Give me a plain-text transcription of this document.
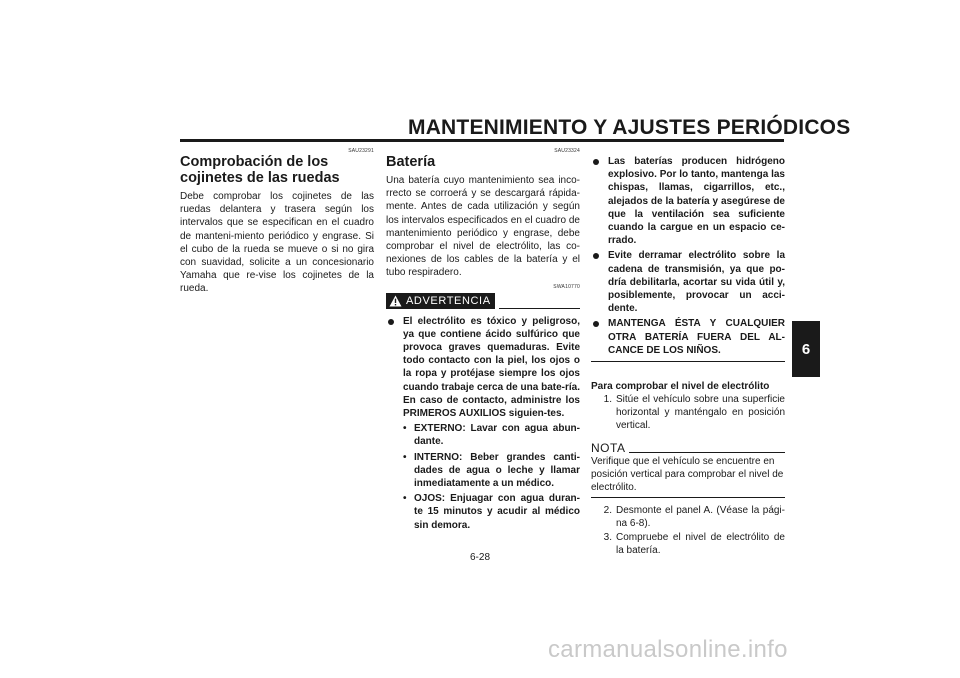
MANTENIMIENTO Y AJUSTES PERIÓDICOS
6
SAU23291
Comprobación de los cojinetes de las ruedas

Debe comprobar los cojinetes de las ruedas delantera y trasera según los intervalos que se especifican en el cuadro de manteni-miento periódico y engrase. Si el cubo de la rueda se mueve o si no gira con suavidad, solicite a un concesionario Yamaha que re-vise los cojinetes de la rueda.

SAU23324
Batería

Una batería cuyo mantenimiento sea inco-rrecto se corroerá y se descargará rápida-mente. Antes de cada utilización y según los intervalos especificados en el cuadro de mantenimiento periódico y engrase, debe comprobar el nivel de electrólito, las co-nexiones de los cables de la batería y el tubo respiradero.

SWA10770
ADVERTENCIA
El electrólito es tóxico y peligroso, ya que contiene ácido sulfúrico que provoca graves quemaduras. Evite todo contacto con la piel, los ojos o la ropa y protéjase siempre los ojos cuando trabaje cerca de una bate-ría. En caso de contacto, administre los PRIMEROS AUXILIOS siguien-tes.
• EXTERNO: Lavar con agua abun-dante.
• INTERNO: Beber grandes canti-dades de agua o leche y llamar inmediatamente a un médico.
• OJOS: Enjuagar con agua duran-te 15 minutos y acudir al médico sin demora.
Las baterías producen hidrógeno explosivo. Por lo tanto, mantenga las chispas, llamas, cigarrillos, etc., alejados de la batería y asegúrese de que la ventilación sea suficiente cuando la cargue en un espacio ce-rrado.
Evite derramar electrólito sobre la cadena de transmisión, ya que po-dría debilitarla, acortar su vida útil y, posiblemente, provocar un acci-dente.
MANTENGA ÉSTA Y CUALQUIER OTRA BATERÍA FUERA DEL AL-CANCE DE LOS NIÑOS.
Para comprobar el nivel de electrólito
1. Sitúe el vehículo sobre una superficie horizontal y manténgalo en posición vertical.
NOTA

Verifique que el vehículo se encuentre en posición vertical para comprobar el nivel de electrólito.

2. Desmonte el panel A. (Véase la pági-na 6-8).
3. Compruebe el nivel de electrólito de la batería.
6-28
carmanualsonline.info
